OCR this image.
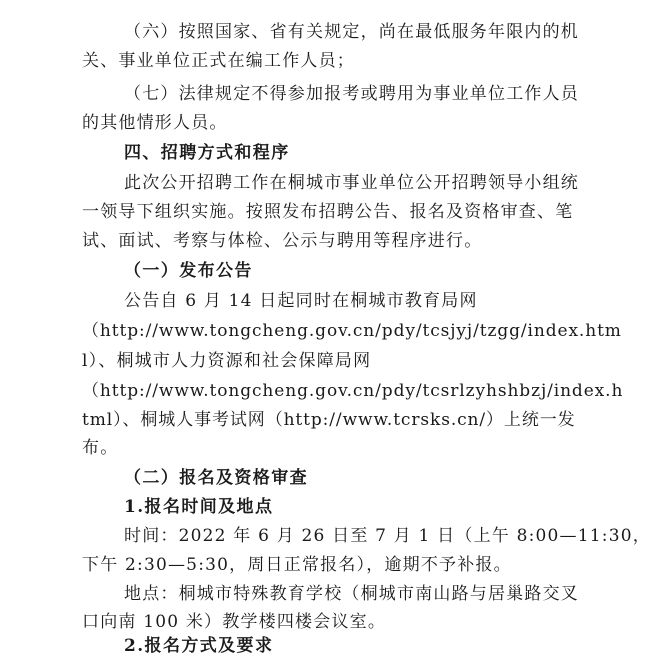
（六）按照国家、省有关规定，尚在最低服务年限内的机
关、事业单位正式在编工作人员；
（七）法律规定不得参加报考或聘用为事业单位工作人员
的其他情形人员。
四、招聘方式和程序
此次公开招聘工作在桐城市事业单位公开招聘领导小组统
一领导下组织实施。按照发布招聘公告、报名及资格审查、笔
试、面试、考察与体检、公示与聘用等程序进行。
（一）发布公告
公告自 6 月 14 日起同时在桐城市教育局网
（http://www.tongcheng.gov.cn/pdy/tcsjyj/tzgg/index.htm
l）、桐城市人力资源和社会保障局网
（http://www.tongcheng.gov.cn/pdy/tcsrlzyhshbzj/index.h
tml）、桐城人事考试网（http://www.tcrsks.cn/）上统一发
布。
（二）报名及资格审查
1.报名时间及地点
时间：2022 年 6 月 26 日至 7 月 1 日（上午 8:00—11:30，
下午 2:30—5:30，周日正常报名），逾期不予补报。
地点：桐城市特殊教育学校（桐城市南山路与居巢路交叉
口向南 100 米）教学楼四楼会议室。
2.报名方式及要求
